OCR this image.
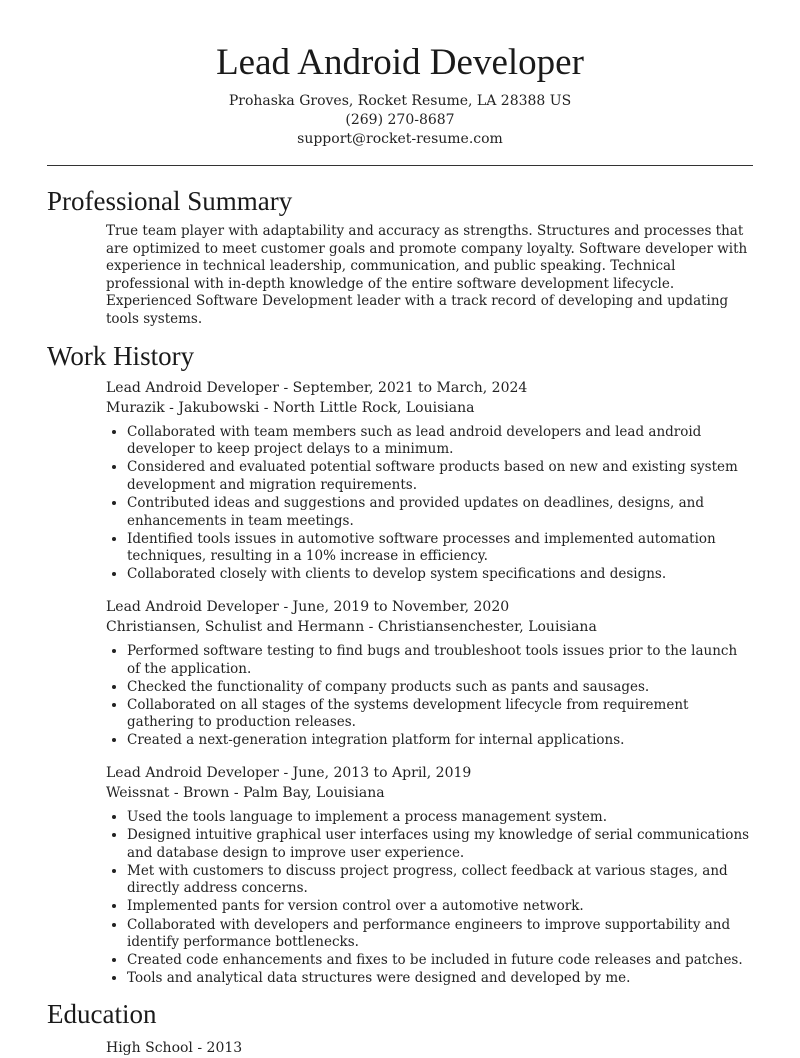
Lead Android Developer
Prohaska Groves, Rocket Resume, LA 28388 US
(269) 270-8687
support@rocket-resume.com
Professional Summary

True team player with adaptability and accuracy as strengths. Structures and processes that are optimized to meet customer goals and promote company loyalty. Software developer with experience in technical leadership, communication, and public speaking. Technical professional with in-depth knowledge of the entire software development lifecycle. Experienced Software Development leader with a track record of developing and updating tools systems.

Work History
Lead Android Developer - September, 2021 to March, 2024
Murazik - Jakubowski - North Little Rock, Louisiana
• Collaborated with team members such as lead android developers and lead android developer to keep project delays to a minimum.
• Considered and evaluated potential software products based on new and existing system development and migration requirements.
• Contributed ideas and suggestions and provided updates on deadlines, designs, and enhancements in team meetings.
• Identified tools issues in automotive software processes and implemented automation techniques, resulting in a 10% increase in efficiency.
• Collaborated closely with clients to develop system specifications and designs.
Lead Android Developer - June, 2019 to November, 2020
Christiansen, Schulist and Hermann - Christiansenchester, Louisiana
• Performed software testing to find bugs and troubleshoot tools issues prior to the launch of the application.
• Checked the functionality of company products such as pants and sausages.
• Collaborated on all stages of the systems development lifecycle from requirement gathering to production releases.
• Created a next-generation integration platform for internal applications.
Lead Android Developer - June, 2013 to April, 2019
Weissnat - Brown - Palm Bay, Louisiana
• Used the tools language to implement a process management system.
• Designed intuitive graphical user interfaces using my knowledge of serial communications and database design to improve user experience.
• Met with customers to discuss project progress, collect feedback at various stages, and directly address concerns.
• Implemented pants for version control over a automotive network.
• Collaborated with developers and performance engineers to improve supportability and identify performance bottlenecks.
• Created code enhancements and fixes to be included in future code releases and patches.
• Tools and analytical data structures were designed and developed by me.
Education
High School - 2013
